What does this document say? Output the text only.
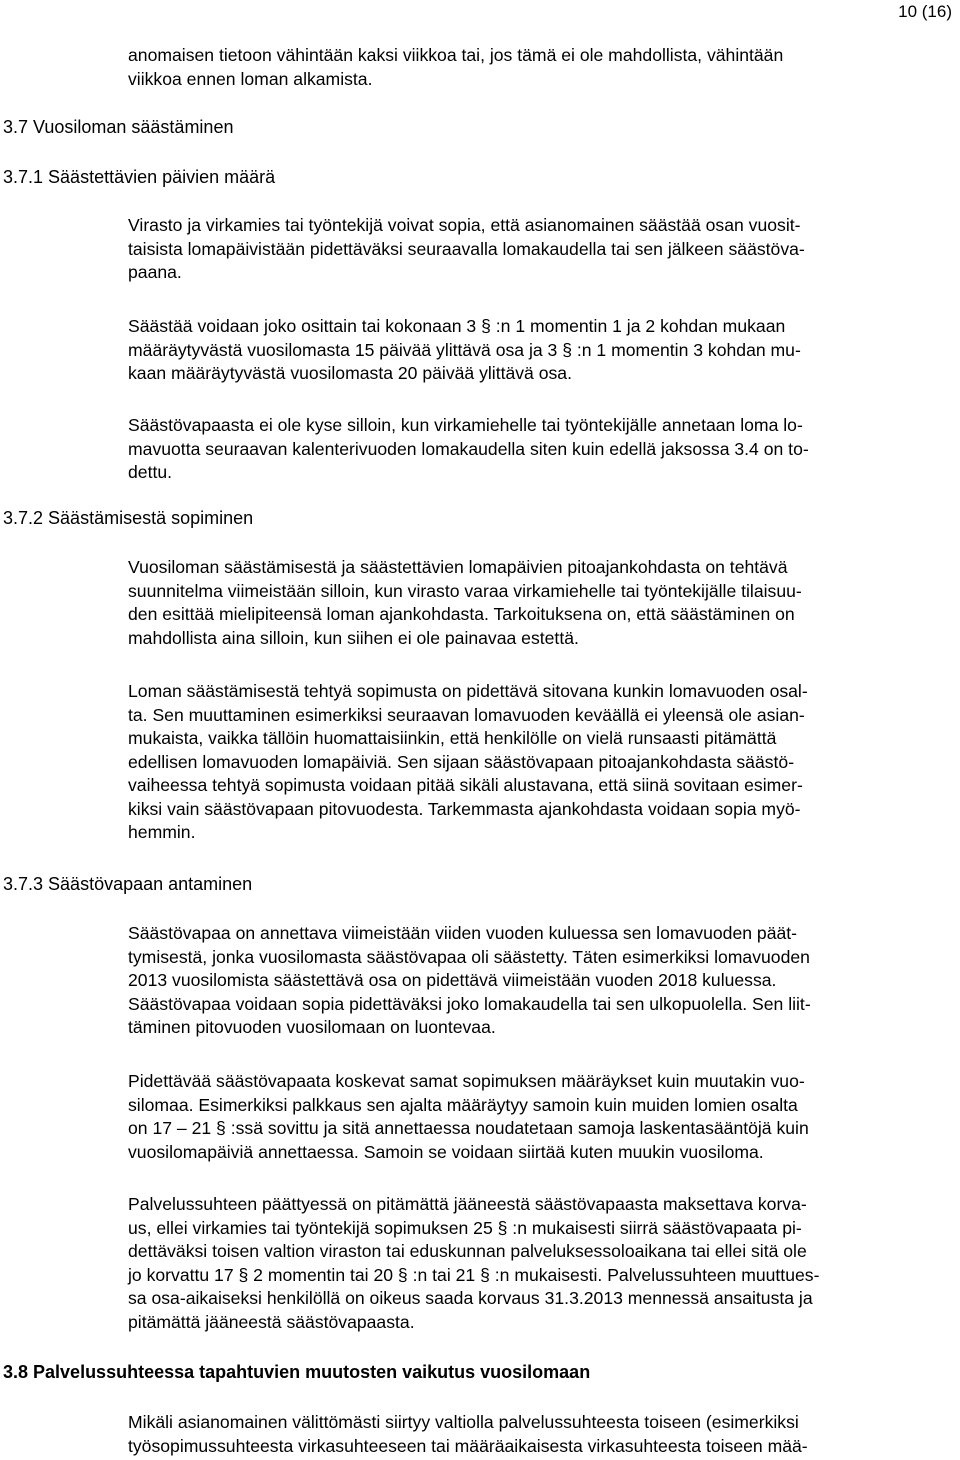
10 (16)
anomaisen tietoon vähintään kaksi viikkoa tai, jos tämä ei ole mahdollista, vähintään
viikkoa ennen loman alkamista.
3.7 Vuosiloman säästäminen
3.7.1 Säästettävien päivien määrä
Virasto ja virkamies tai työntekijä voivat sopia, että asianomainen säästää osan vuosit-
taisista lomapäivistään pidettäväksi seuraavalla lomakaudella tai sen jälkeen säästöva-
paana.
Säästää voidaan joko osittain tai kokonaan 3 § :n 1 momentin 1 ja 2 kohdan mukaan
määräytyvästä vuosilomasta 15 päivää ylittävä osa ja 3 § :n 1 momentin 3 kohdan mu-
kaan määräytyvästä vuosilomasta 20 päivää ylittävä osa.
Säästövapaasta ei ole kyse silloin, kun virkamiehelle tai työntekijälle annetaan loma lo-
mavuotta seuraavan kalenterivuoden lomakaudella siten kuin edellä jaksossa 3.4 on to-
dettu.
3.7.2 Säästämisestä sopiminen
Vuosiloman säästämisestä ja säästettävien lomapäivien pitoajankohdasta on tehtävä
suunnitelma viimeistään silloin, kun virasto varaa virkamiehelle tai työntekijälle tilaisuu-
den esittää mielipiteensä loman ajankohdasta. Tarkoituksena on, että säästäminen on
mahdollista aina silloin, kun siihen ei ole painavaa estettä.
Loman säästämisestä tehtyä sopimusta on pidettävä sitovana kunkin lomavuoden osal-
ta. Sen muuttaminen esimerkiksi seuraavan lomavuoden keväällä ei yleensä ole asian-
mukaista, vaikka tällöin huomattaisiinkin, että henkilölle on vielä runsaasti pitämättä
edellisen lomavuoden lomapäiviä. Sen sijaan säästövapaan pitoajankohdasta säästö-
vaiheessa tehtyä sopimusta voidaan pitää sikäli alustavana, että siinä sovitaan esimer-
kiksi vain säästövapaan pitovuodesta. Tarkemmasta ajankohdasta voidaan sopia myö-
hemmin.
3.7.3 Säästövapaan antaminen
Säästövapaa on annettava viimeistään viiden vuoden kuluessa sen lomavuoden päät-
tymisestä, jonka vuosilomasta säästövapaa oli säästetty. Täten esimerkiksi lomavuoden
2013 vuosilomista säästettävä osa on pidettävä viimeistään vuoden 2018 kuluessa.
Säästövapaa voidaan sopia pidettäväksi joko lomakaudella tai sen ulkopuolella. Sen liit-
täminen pitovuoden vuosilomaan on luontevaa.
Pidettävää säästövapaata koskevat samat sopimuksen määräykset kuin muutakin vuo-
silomaa. Esimerkiksi palkkaus sen ajalta määräytyy samoin kuin muiden lomien osalta
on 17 – 21 § :ssä sovittu ja sitä annettaessa noudatetaan samoja laskentasääntöjä kuin
vuosilomapäiviä annettaessa. Samoin se voidaan siirtää kuten muukin vuosiloma.
Palvelussuhteen päättyessä on pitämättä jääneestä säästövapaasta maksettava korva-
us, ellei virkamies tai työntekijä sopimuksen 25 § :n mukaisesti siirrä säästövapaata pi-
dettäväksi toisen valtion viraston tai eduskunnan palveluksessoloaikana tai ellei sitä ole
jo korvattu 17 § 2 momentin tai 20 § :n tai 21 § :n mukaisesti. Palvelussuhteen muuttues-
sa osa-aikaiseksi henkilöllä on oikeus saada korvaus 31.3.2013 mennessä ansaitusta ja
pitämättä jääneestä säästövapaasta.
3.8 Palvelussuhteessa tapahtuvien muutosten vaikutus vuosilomaan
Mikäli asianomainen välittömästi siirtyy valtiolla palvelussuhteesta toiseen (esimerkiksi
työsopimussuhteesta virkasuhteeseen tai määräaikaisesta virkasuhteesta toiseen mää-
